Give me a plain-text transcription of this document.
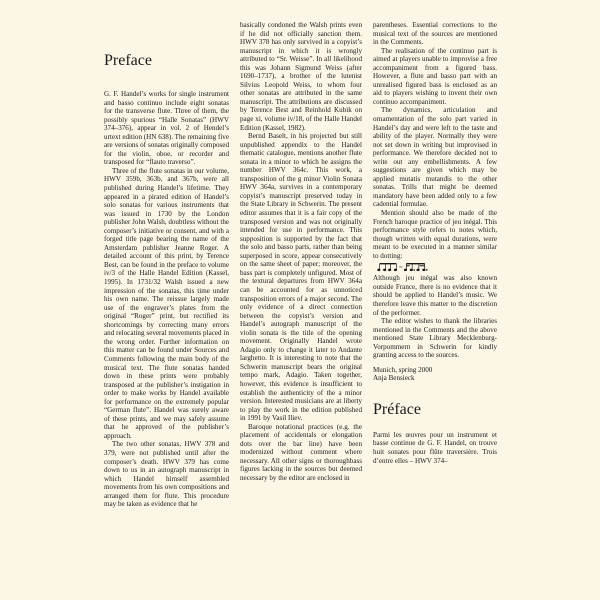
Preface

G. F. Handel’s works for single instrument and basso continuo include eight sonatas for the transverse flute. Three of them, the possibly spurious “Halle Sonatas” (HWV 374–376), appear in vol. 2 of Hendel’s urtext edition (HN 638). The remaining five are versions of sonatas originally composed for the violin, oboe, or recorder and transposed for “flauto traverso”.

Three of the flute sonatas in our volume, HWV 359b, 363b, and 367b, were all published during Handel’s lifetime. They appeared in a pirated edition of Handel’s solo sonatas for various instruments that was issued in 1730 by the London publisher John Walsh, doubtless without the composer’s initiative or consent, and with a forged title page bearing the name of the Amsterdam publisher Jeanne Roger. A detailed account of this print, by Terence Best, can be found in the preface to volume iv/3 of the Halle Handel Edition (Kassel, 1995). In 1731/32 Walsh issued a new impression of the sonatas, this time under his own name. The reissue largely made use of the engraver’s plates from the original “Roger” print, but rectified its shortcomings by correcting many errors and relocating several movements placed in the wrong order. Further information on this matter can be found under Sources and Comments following the main body of the musical text. The flute sonatas handed down in these prints were probably transposed at the publisher’s instigation in order to make works by Handel available for performance on the extremely popular “German flute”. Handel was surely aware of these prints, and we may safely assume that he approved of the publisher’s approach.

The two other sonatas, HWV 378 and 379, were not published until after the composer’s death. HWV 379 has come down to us in an autograph manuscript in which Handel himself assembled movements from his own compositions and arranged them for flute. This procedure may be taken as evidence that he

basically condoned the Walsh prints even if he did not officially sanction them. HWV 378 has only survived in a copyist’s manuscript in which it is wrongly attributed to “Sr. Weisse”. In all likelihood this was Johann Sigmund Weiss (after 1690–1737), a brother of the lutenist Silvius Leopold Weiss, to whom four other sonatas are attributed in the same manuscript. The attributions are discussed by Terence Best and Reinhold Kubik on page xi, volume iv/18, of the Halle Handel Edition (Kassel, 1982).

Bernd Baselt, in his projected but still unpublished appendix to the Handel thematic catalogue, mentions another flute sonata in a minor to which he assigns the number HWV 364c. This work, a transposition of the g minor Violin Sonata HWV 364a, survives in a contemporary copyist’s manuscript preserved today in the State Library in Schwerin. The present editor assumes that it is a fair copy of the transposed version and was not originally intended for use in performance. This supposition is supported by the fact that the solo and basso parts, rather than being superposed in score, appear consecutively on the same sheet of paper; moreover, the bass part is completely unfigured. Most of the textural departures from HWV 364a can be accounted for as unnoticed transposition errors of a major second. The only evidence of a direct connection between the copyist’s version and Handel’s autograph manuscript of the violin sonata is the title of the opening movement. Originally Handel wrote Adagio only to change it later to Andante larghetto. It is interesting to note that the Schwerin manuscript bears the original tempo mark, Adagio. Taken together, however, this evidence is insufficient to establish the authenticity of the a minor version. Interested musicians are at liberty to play the work in the edition published in 1991 by Vasil Iliev.

Baroque notational practices (e.g. the placement of accidentals or elongation dots over the bar line) have been modernized without comment where necessary. All other signs or thoroughbass figures lacking in the sources but deemed necessary by the editor are enclosed in

parentheses. Essential corrections to the musical text of the sources are mentioned in the Comments.

The realisation of the continuo part is aimed at players unable to improvise a free accompaniment from a figured bass. However, a flute and basso part with an unrealised figured bass is enclosed as an aid to players wishing to invent their own continuo accompaniment.

The dynamics, articulation and ornamentation of the solo part varied in Handel’s day and were left to the taste and ability of the player. Normally they were not set down in writing but improvised in performance. We therefore decided not to write out any embellishments. A few suggestions are given which may be applied mutatis mutandis to the other sonatas. Trills that might be deemed mandatory have been added only to a few cadential formulae.

Mention should also be made of the French baroque practice of jeu inégal. This performance style refers to notes which, though written with equal durations, were meant to be executed in a manner similar to dotting:

=

Although jeu inégal was also known outside France, there is no evidence that it should be applied to Handel’s music. We therefore leave this matter to the discretion of the performer.

The editor wishes to thank the libraries mentioned in the Comments and the above mentioned State Library Mecklenburg-Vorpommern in Schwerin for kindly granting access to the sources.

Munich, spring 2000

Anja Bensieck

Préface

Parmi les œuvres pour un instrument et basse continue de G. F. Handel, on trouve huit sonates pour flûte traversière. Trois d’entre elles – HWV 374–
